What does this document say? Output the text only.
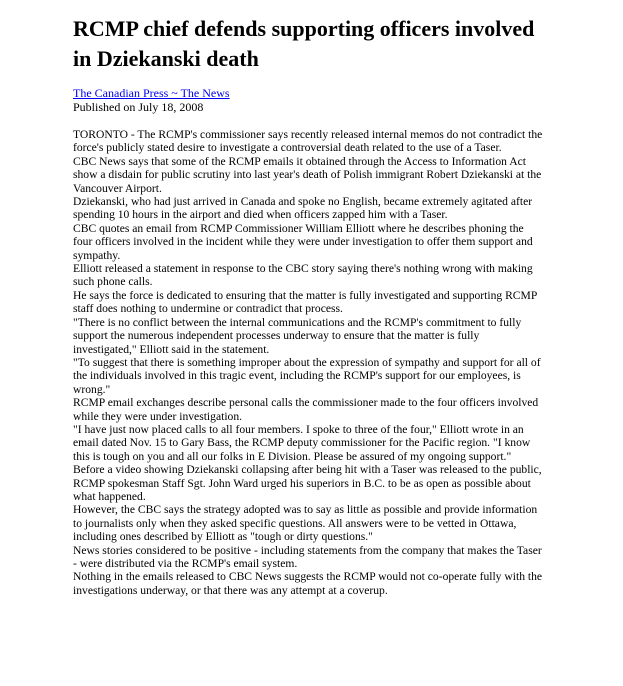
RCMP chief defends supporting officers involved in Dziekanski death
The Canadian Press ~ The News
Published on July 18, 2008

TORONTO - The RCMP's commissioner says recently released internal memos do not contradict the force's publicly stated desire to investigate a controversial death related to the use of a Taser.

CBC News says that some of the RCMP emails it obtained through the Access to Information Act show a disdain for public scrutiny into last year's death of Polish immigrant Robert Dziekanski at the Vancouver Airport.

Dziekanski, who had just arrived in Canada and spoke no English, became extremely agitated after spending 10 hours in the airport and died when officers zapped him with a Taser.

CBC quotes an email from RCMP Commissioner William Elliott where he describes phoning the four officers involved in the incident while they were under investigation to offer them support and sympathy.

Elliott released a statement in response to the CBC story saying there's nothing wrong with making such phone calls.

He says the force is dedicated to ensuring that the matter is fully investigated and supporting RCMP staff does nothing to undermine or contradict that process.

"There is no conflict between the internal communications and the RCMP's commitment to fully support the numerous independent processes underway to ensure that the matter is fully investigated," Elliott said in the statement.

"To suggest that there is something improper about the expression of sympathy and support for all of the individuals involved in this tragic event, including the RCMP's support for our employees, is wrong."

RCMP email exchanges describe personal calls the commissioner made to the four officers involved while they were under investigation.

"I have just now placed calls to all four members. I spoke to three of the four," Elliott wrote in an email dated Nov. 15 to Gary Bass, the RCMP deputy commissioner for the Pacific region. "I know this is tough on you and all our folks in E Division. Please be assured of my ongoing support."

Before a video showing Dziekanski collapsing after being hit with a Taser was released to the public, RCMP spokesman Staff Sgt. John Ward urged his superiors in B.C. to be as open as possible about what happened.

However, the CBC says the strategy adopted was to say as little as possible and provide information to journalists only when they asked specific questions. All answers were to be vetted in Ottawa, including ones described by Elliott as "tough or dirty questions."

News stories considered to be positive - including statements from the company that makes the Taser - were distributed via the RCMP's email system.

Nothing in the emails released to CBC News suggests the RCMP would not co-operate fully with the investigations underway, or that there was any attempt at a coverup.
